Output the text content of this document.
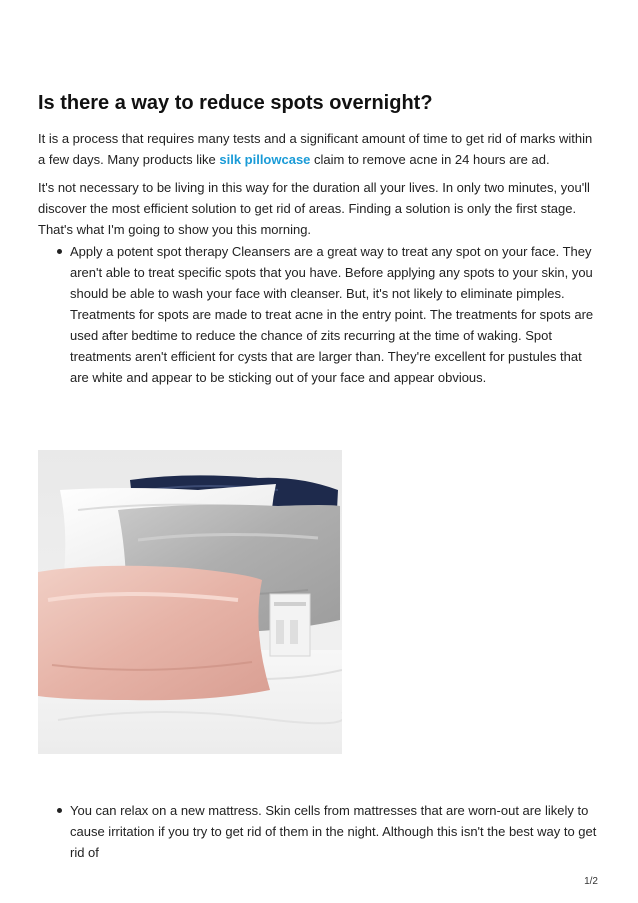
Is there a way to reduce spots overnight?

It is a process that requires many tests and a significant amount of time to get rid of marks within a few days. Many products like silk pillowcase claim to remove acne in 24 hours are ad.

It's not necessary to be living in this way for the duration all your lives. In only two minutes, you'll discover the most efficient solution to get rid of areas. Finding a solution is only the first stage. That's what I'm going to show you this morning.

Apply a potent spot therapy Cleansers are a great way to treat any spot on your face. They aren't able to treat specific spots that you have. Before applying any spots to your skin, you should be able to wash your face with cleanser. But, it's not likely to eliminate pimples. Treatments for spots are made to treat acne in the entry point. The treatments for spots are used after bedtime to reduce the chance of zits recurring at the time of waking. Spot treatments aren't efficient for cysts that are larger than. They're excellent for pustules that are white and appear to be sticking out of your face and appear obvious.
You can relax on a new mattress. Skin cells from mattresses that are worn-out are likely to cause irritation if you try to get rid of them in the night. Although this isn't the best way to get rid of
1/2
